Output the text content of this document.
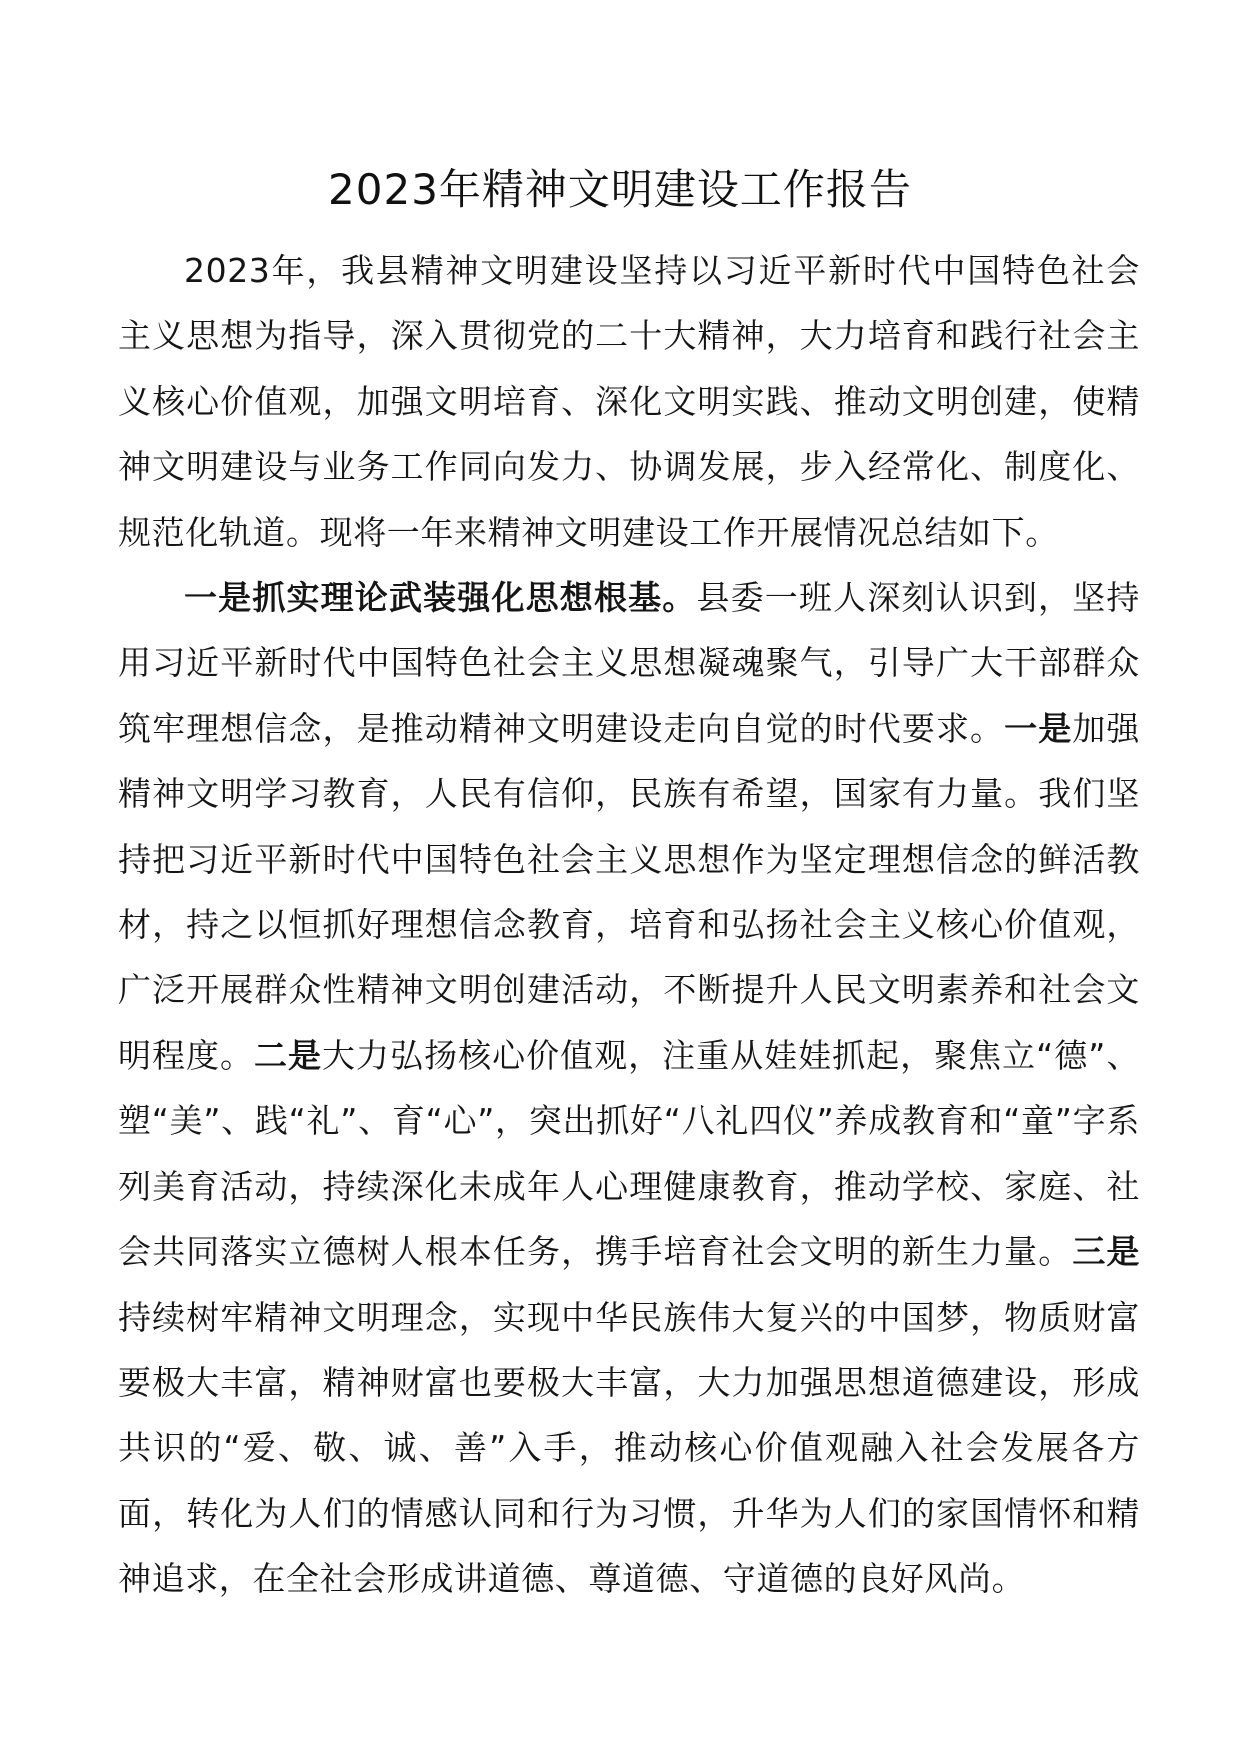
2023年精神文明建设工作报告

2023年，我县精神文明建设坚持以习近平新时代中国特色社会主义思想为指导，深入贯彻党的二十大精神，大力培育和践行社会主义核心价值观，加强文明培育、深化文明实践、推动文明创建，使精神文明建设与业务工作同向发力、协调发展，步入经常化、制度化、规范化轨道。现将一年来精神文明建设工作开展情况总结如下。

一是抓实理论武装强化思想根基。县委一班人深刻认识到，坚持用习近平新时代中国特色社会主义思想凝魂聚气，引导广大干部群众筑牢理想信念，是推动精神文明建设走向自觉的时代要求。一是加强精神文明学习教育，人民有信仰，民族有希望，国家有力量。我们坚持把习近平新时代中国特色社会主义思想作为坚定理想信念的鲜活教材，持之以恒抓好理想信念教育，培育和弘扬社会主义核心价值观，广泛开展群众性精神文明创建活动，不断提升人民文明素养和社会文明程度。二是大力弘扬核心价值观，注重从娃娃抓起，聚焦立“德”、塑“美”、践“礼”、育“心”，突出抓好“八礼四仪”养成教育和“童”字系列美育活动，持续深化未成年人心理健康教育，推动学校、家庭、社会共同落实立德树人根本任务，携手培育社会文明的新生力量。三是持续树牢精神文明理念，实现中华民族伟大复兴的中国梦，物质财富要极大丰富，精神财富也要极大丰富，大力加强思想道德建设，形成共识的“爱、敬、诚、善”入手，推动核心价值观融入社会发展各方面，转化为人们的情感认同和行为习惯，升华为人们的家国情怀和精神追求，在全社会形成讲道德、尊道德、守道德的良好风尚。
